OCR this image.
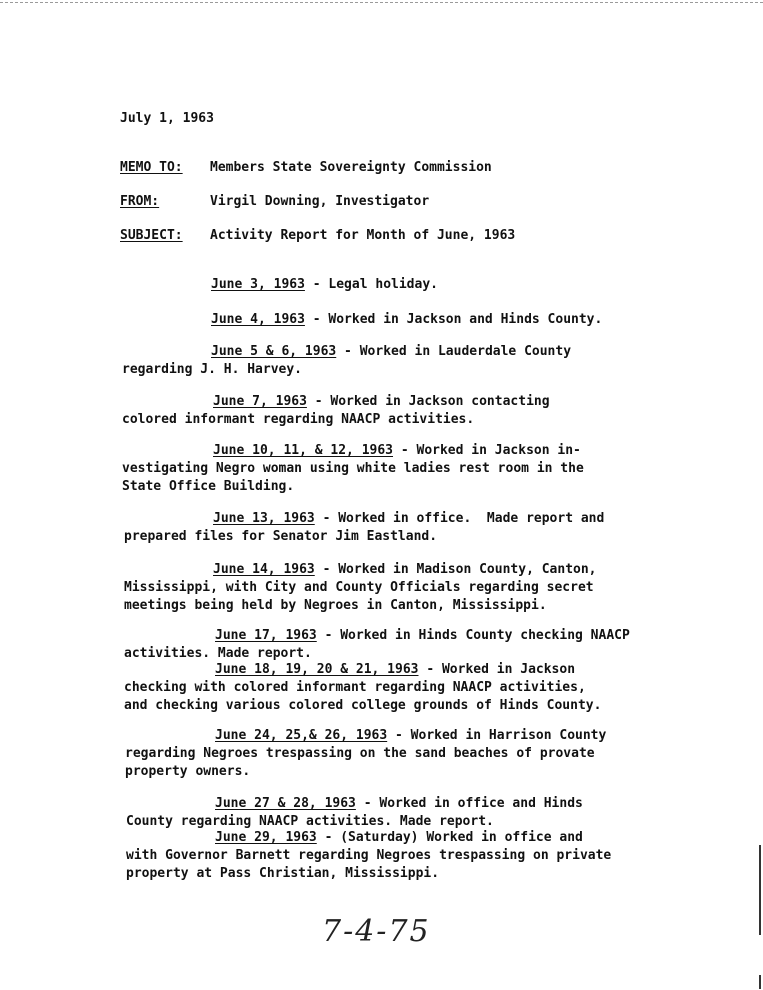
July 1, 1963
MEMO TO: Members State Sovereignty Commission
FROM:	Virgil Downing, Investigator
SUBJECT: Activity Report for Month of June, 1963
June 3, 1963 - Legal holiday.
June 4, 1963 - Worked in Jackson and Hinds County.
June 5 & 6, 1963 - Worked in Lauderdale County
regarding J. H. Harvey.
June 7, 1963 - Worked in Jackson contacting
colored informant regarding NAACP activities.
June 10, 11, & 12, 1963 - Worked in Jackson in-
vestigating Negro woman using white ladies rest room in the
State Office Building.
June 13, 1963 - Worked in office.  Made report and
prepared files for Senator Jim Eastland.
June 14, 1963 - Worked in Madison County, Canton,
Mississippi, with City and County Officials regarding secret
meetings being held by Negroes in Canton, Mississippi.
June 17, 1963 - Worked in Hinds County checking NAACP
activities. Made report.
June 18, 19, 20 & 21, 1963 - Worked in Jackson
checking with colored informant regarding NAACP activities,
and checking various colored college grounds of Hinds County.
June 24, 25,& 26, 1963 - Worked in Harrison County
regarding Negroes trespassing on the sand beaches of provate
property owners.
June 27 & 28, 1963 - Worked in office and Hinds
County regarding NAACP activities. Made report.
June 29, 1963 - (Saturday) Worked in office and
with Governor Barnett regarding Negroes trespassing on private
property at Pass Christian, Mississippi.
7-4-75
